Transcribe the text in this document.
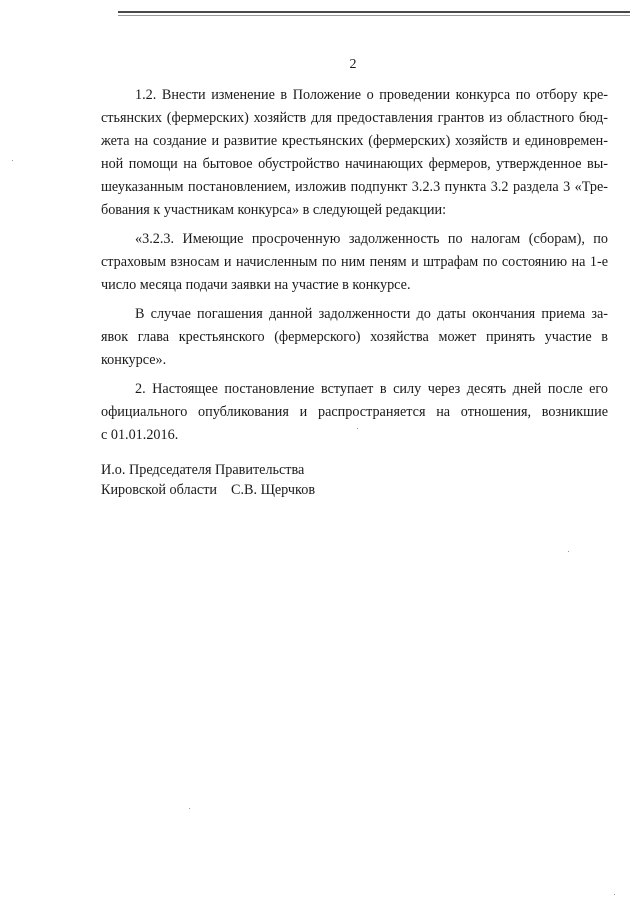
2
1.2. Внести изменение в Положение о проведении конкурса по отбору кре-
стьянских (фермерских) хозяйств для предоставления грантов из областного бюд-
жета на создание и развитие крестьянских (фермерских) хозяйств и единовремен-
ной помощи на бытовое обустройство начинающих фермеров, утвержденное вы-
шеуказанным постановлением, изложив подпункт 3.2.3 пункта 3.2 раздела 3 «Тре-
бования к участникам конкурса» в следующей редакции:
«3.2.3. Имеющие просроченную задолженность по налогам (сборам), по
страховым взносам и начисленным по ним пеням и штрафам по состоянию на 1-е
число месяца подачи заявки на участие в конкурсе.
В случае погашения данной задолженности до даты окончания приема за-
явок глава крестьянского (фермерского) хозяйства может принять участие в
конкурсе».
2. Настоящее постановление вступает в силу через десять дней после его
официального опубликования и распространяется на отношения, возникшие
с 01.01.2016.
И.о. Председателя Правительства
Кировской области С.В. Щерчков
